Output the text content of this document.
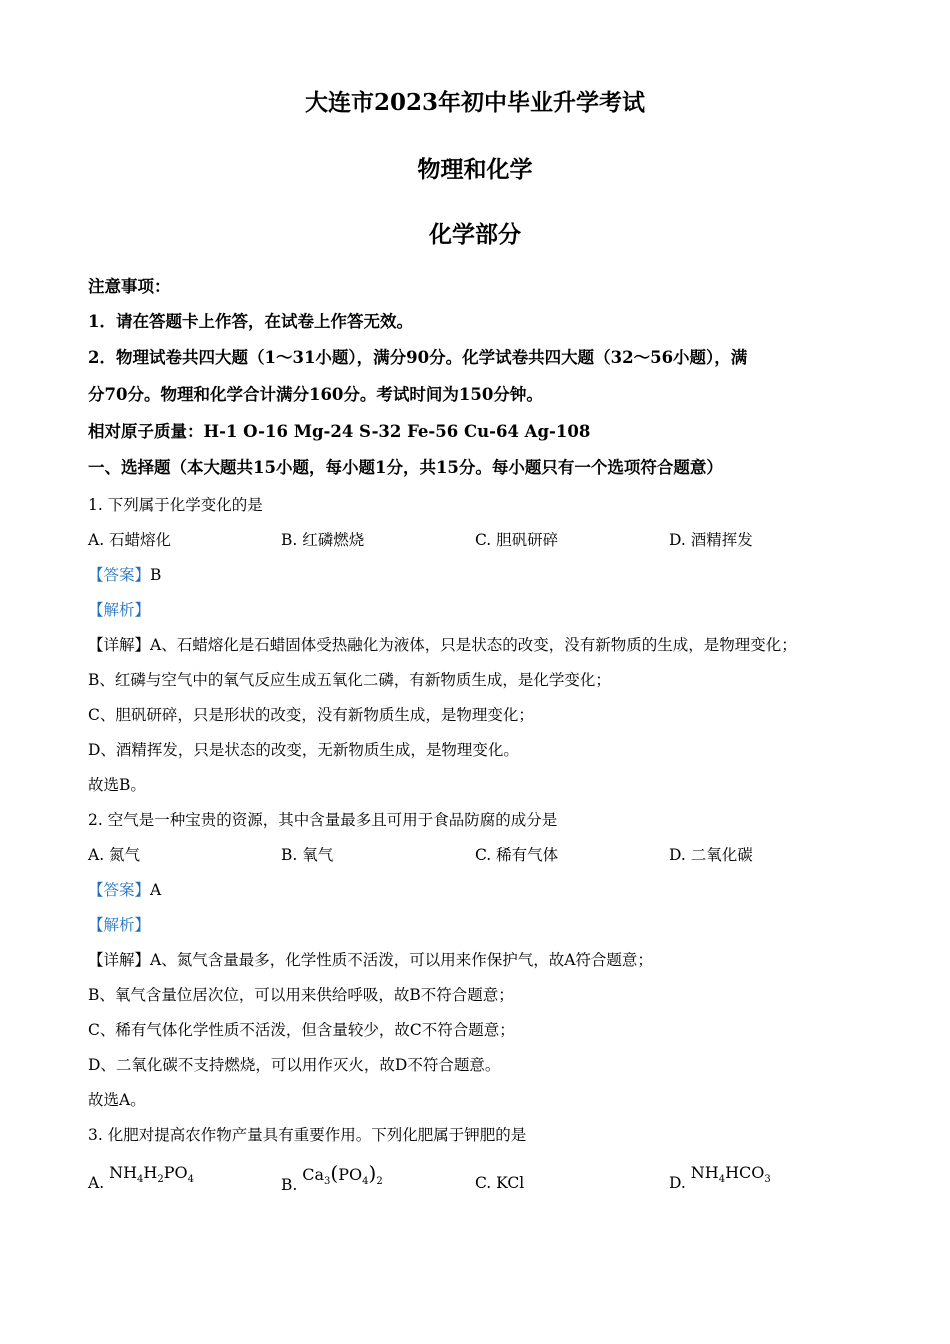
大连市2023年初中毕业升学考试
物理和化学
化学部分
注意事项：
1．请在答题卡上作答，在试卷上作答无效。
2．物理试卷共四大题（1～31小题），满分90分。化学试卷共四大题（32～56小题），满
分70分。物理和化学合计满分160分。考试时间为150分钟。
相对原子质量：H-1 O-16 Mg-24 S-32 Fe-56 Cu-64 Ag-108
一、选择题（本大题共15小题，每小题1分，共15分。每小题只有一个选项符合题意）
1. 下列属于化学变化的是
A. 石蜡熔化	B. 红磷燃烧	C. 胆矾研碎	D. 酒精挥发
【答案】B
【解析】
【详解】A、石蜡熔化是石蜡固体受热融化为液体，只是状态的改变，没有新物质的生成，是物理变化；
B、红磷与空气中的氧气反应生成五氧化二磷，有新物质生成，是化学变化；
C、胆矾研碎，只是形状的改变，没有新物质生成，是物理变化；
D、酒精挥发，只是状态的改变，无新物质生成，是物理变化。
故选B。
2. 空气是一种宝贵的资源，其中含量最多且可用于食品防腐的成分是
A. 氮气	B. 氧气	C. 稀有气体	D. 二氧化碳
【答案】A
【解析】
【详解】A、氮气含量最多，化学性质不活泼，可以用来作保护气，故A符合题意；
B、氧气含量位居次位，可以用来供给呼吸，故B不符合题意；
C、稀有气体化学性质不活泼，但含量较少，故C不符合题意；
D、二氧化碳不支持燃烧，可以用作灭火，故D不符合题意。
故选A。
3. 化肥对提高农作物产量具有重要作用。下列化肥属于钾肥的是
A. $NH_4H_2PO_4$	B. $Ca_3(PO_4)_2$	C. KCl	D. $NH_4HCO_3$
